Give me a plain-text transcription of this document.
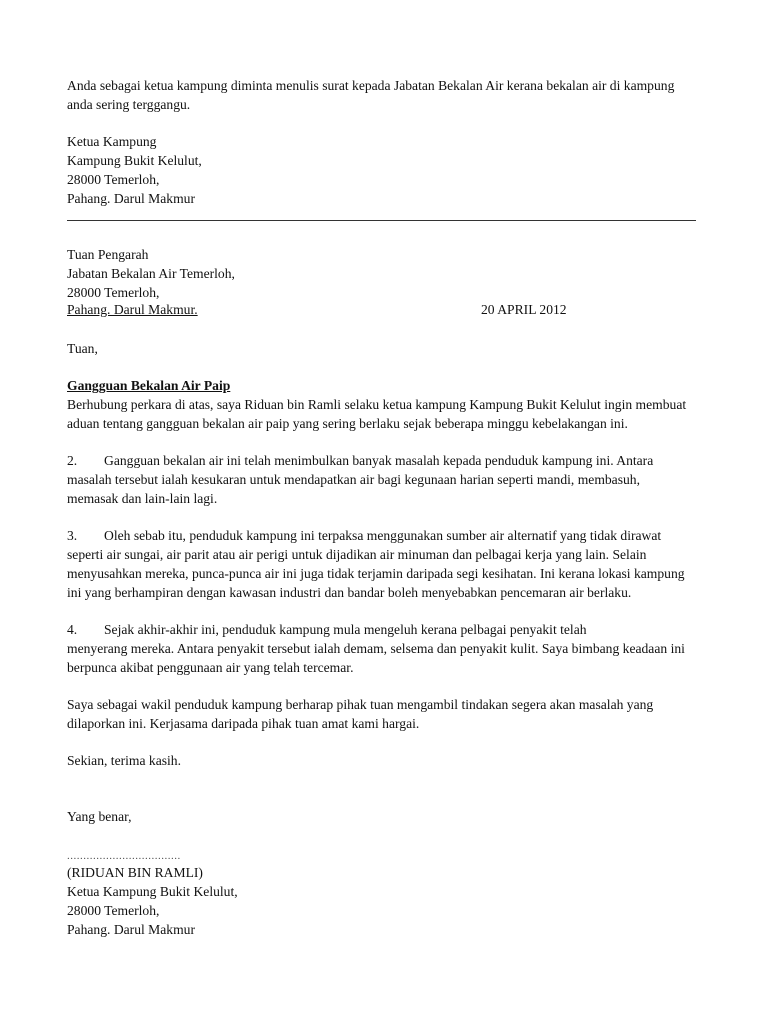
Anda sebagai ketua kampung diminta menulis surat kepada Jabatan Bekalan Air kerana bekalan air di kampung
anda sering terggangu.
Ketua Kampung
Kampung Bukit Kelulut,
28000 Temerloh,
Pahang. Darul Makmur
Tuan Pengarah
Jabatan Bekalan Air Temerloh,
28000 Temerloh,
Pahang. Darul Makmur.	20 APRIL 2012
Tuan,
Gangguan Bekalan Air Paip
Berhubung perkara di atas, saya Riduan bin Ramli selaku ketua kampung Kampung Bukit Kelulut ingin membuat
aduan tentang gangguan bekalan air paip yang sering berlaku sejak beberapa minggu kebelakangan ini.
2. Gangguan bekalan air ini telah menimbulkan banyak masalah kepada penduduk kampung ini. Antara
masalah tersebut ialah kesukaran untuk mendapatkan air bagi kegunaan harian seperti mandi, membasuh,
memasak dan lain-lain lagi.
3. Oleh sebab itu, penduduk kampung ini terpaksa menggunakan sumber air alternatif yang tidak dirawat
seperti air sungai, air parit atau air perigi untuk dijadikan air minuman dan pelbagai kerja yang lain. Selain
menyusahkan mereka, punca-punca air ini juga tidak terjamin daripada segi kesihatan. Ini kerana lokasi kampung
ini yang berhampiran dengan kawasan industri dan bandar boleh menyebabkan pencemaran air berlaku.
4. Sejak akhir-akhir ini, penduduk kampung mula mengeluh kerana pelbagai penyakit telah
menyerang mereka. Antara penyakit tersebut ialah demam, selsema dan penyakit kulit. Saya bimbang keadaan ini
berpunca akibat penggunaan air yang telah tercemar.
Saya sebagai wakil penduduk kampung berharap pihak tuan mengambil tindakan segera akan masalah yang
dilaporkan ini. Kerjasama daripada pihak tuan amat kami hargai.
Sekian, terima kasih.
Yang benar,
...................................
(RIDUAN BIN RAMLI)
Ketua Kampung Bukit Kelulut,
28000 Temerloh,
Pahang. Darul Makmur
